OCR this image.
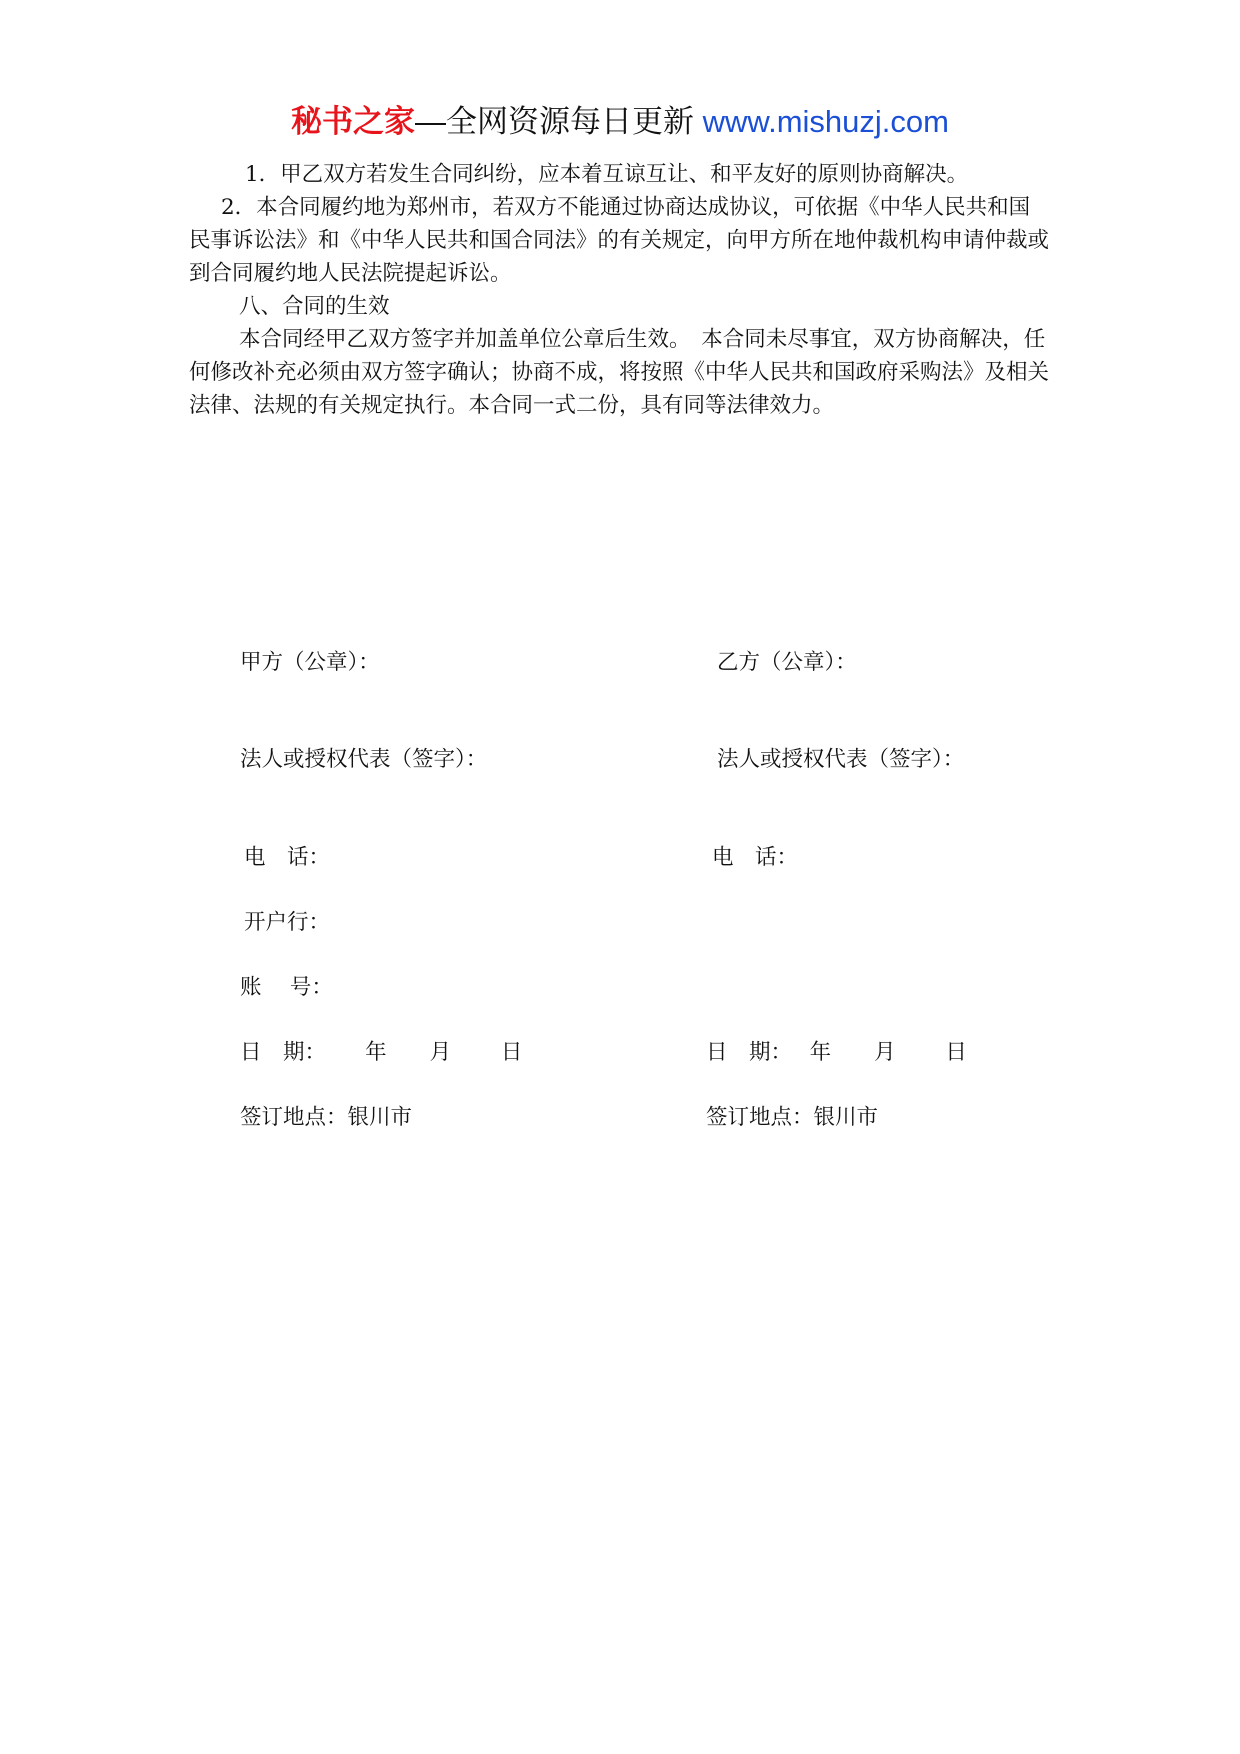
秘书之家—全网资源每日更新 www.mishuzj.com

1．甲乙双方若发生合同纠纷，应本着互谅互让、和平友好的原则协商解决。

2．本合同履约地为郑州市，若双方不能通过协商达成协议，可依据《中华人民共和国民事诉讼法》和《中华人民共和国合同法》的有关规定，向甲方所在地仲裁机构申请仲裁或到合同履约地人民法院提起诉讼。

八、合同的生效

本合同经甲乙双方签字并加盖单位公章后生效。　本合同未尽事宜，双方协商解决，任何修改补充必须由双方签字确认；协商不成，将按照《中华人民共和国政府采购法》及相关法律、法规的有关规定执行。本合同一式二份，具有同等法律效力。

甲方（公章）：
法人或授权代表（签字）：
电　话：
开户行：
账　 号：
日　期：　　 年　　月　　 日
签订地点：银川市
乙方（公章）：
法人或授权代表（签字）：
电　话：
日　期：　 年　　月　　 日
签订地点：银川市
